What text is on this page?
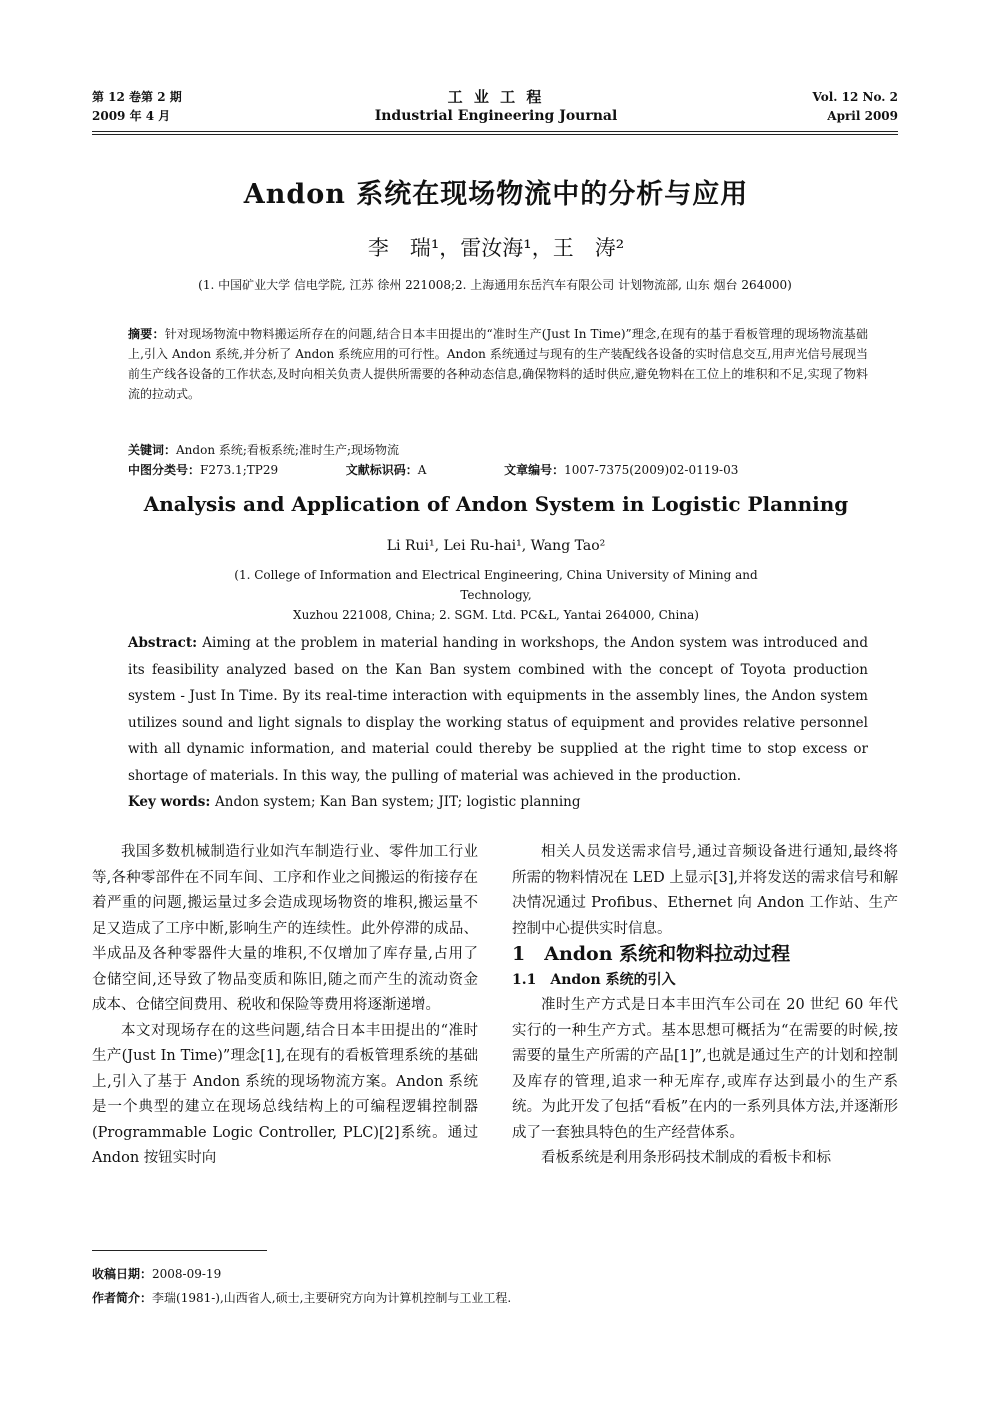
第 12 卷第 2 期
2009 年 4 月
工 业 工 程
Industrial Engineering Journal
Vol. 12 No. 2
April 2009
Andon 系统在现场物流中的分析与应用
李　瑞¹，雷汝海¹，王　涛²
(1. 中国矿业大学 信电学院, 江苏 徐州 221008;2. 上海通用东岳汽车有限公司 计划物流部, 山东 烟台 264000)
摘要：针对现场物流中物料搬运所存在的问题,结合日本丰田提出的“准时生产(Just In Time)”理念,在现有的基于看板管理的现场物流基础上,引入 Andon 系统,并分析了 Andon 系统应用的可行性。Andon 系统通过与现有的生产装配线各设备的实时信息交互,用声光信号展现当前生产线各设备的工作状态,及时向相关负责人提供所需要的各种动态信息,确保物料的适时供应,避免物料在工位上的堆积和不足,实现了物料流的拉动式。
关键词：Andon 系统;看板系统;准时生产;现场物流
中图分类号：F273.1;TP29	文献标识码：A	文章编号：1007-7375(2009)02-0119-03
Analysis and Application of Andon System in Logistic Planning
Li Rui¹, Lei Ru-hai¹, Wang Tao²
(1. College of Information and Electrical Engineering, China University of Mining and Technology,
Xuzhou 221008, China; 2. SGM. Ltd. PC&L, Yantai 264000, China)
Abstract: Aiming at the problem in material handing in workshops, the Andon system was introduced and its feasibility analyzed based on the Kan Ban system combined with the concept of Toyota production system - Just In Time. By its real-time interaction with equipments in the assembly lines, the Andon system utilizes sound and light signals to display the working status of equipment and provides relative personnel with all dynamic information, and material could thereby be supplied at the right time to stop excess or shortage of materials. In this way, the pulling of material was achieved in the production.
Key words: Andon system; Kan Ban system; JIT; logistic planning

我国多数机械制造行业如汽车制造行业、零件加工行业等,各种零部件在不同车间、工序和作业之间搬运的衔接存在着严重的问题,搬运量过多会造成现场物资的堆积,搬运量不足又造成了工序中断,影响生产的连续性。此外停滞的成品、半成品及各种零器件大量的堆积,不仅增加了库存量,占用了仓储空间,还导致了物品变质和陈旧,随之而产生的流动资金成本、仓储空间费用、税收和保险等费用将逐渐递增。

本文对现场存在的这些问题,结合日本丰田提出的“准时生产(Just In Time)”理念[1],在现有的看板管理系统的基础上,引入了基于 Andon 系统的现场物流方案。Andon 系统是一个典型的建立在现场总线结构上的可编程逻辑控制器(Programmable Logic Controller, PLC)[2]系统。通过 Andon 按钮实时向

相关人员发送需求信号,通过音频设备进行通知,最终将所需的物料情况在 LED 上显示[3],并将发送的需求信号和解决情况通过 Profibus、Ethernet 向 Andon 工作站、生产控制中心提供实时信息。

1　Andon 系统和物料拉动过程

1.1　Andon 系统的引入

准时生产方式是日本丰田汽车公司在 20 世纪 60 年代实行的一种生产方式。基本思想可概括为“在需要的时候,按需要的量生产所需的产品[1]”,也就是通过生产的计划和控制及库存的管理,追求一种无库存,或库存达到最小的生产系统。为此开发了包括“看板”在内的一系列具体方法,并逐渐形成了一套独具特色的生产经营体系。

看板系统是利用条形码技术制成的看板卡和标

收稿日期：2008-09-19
作者简介：李瑞(1981-),山西省人,硕士,主要研究方向为计算机控制与工业工程.
